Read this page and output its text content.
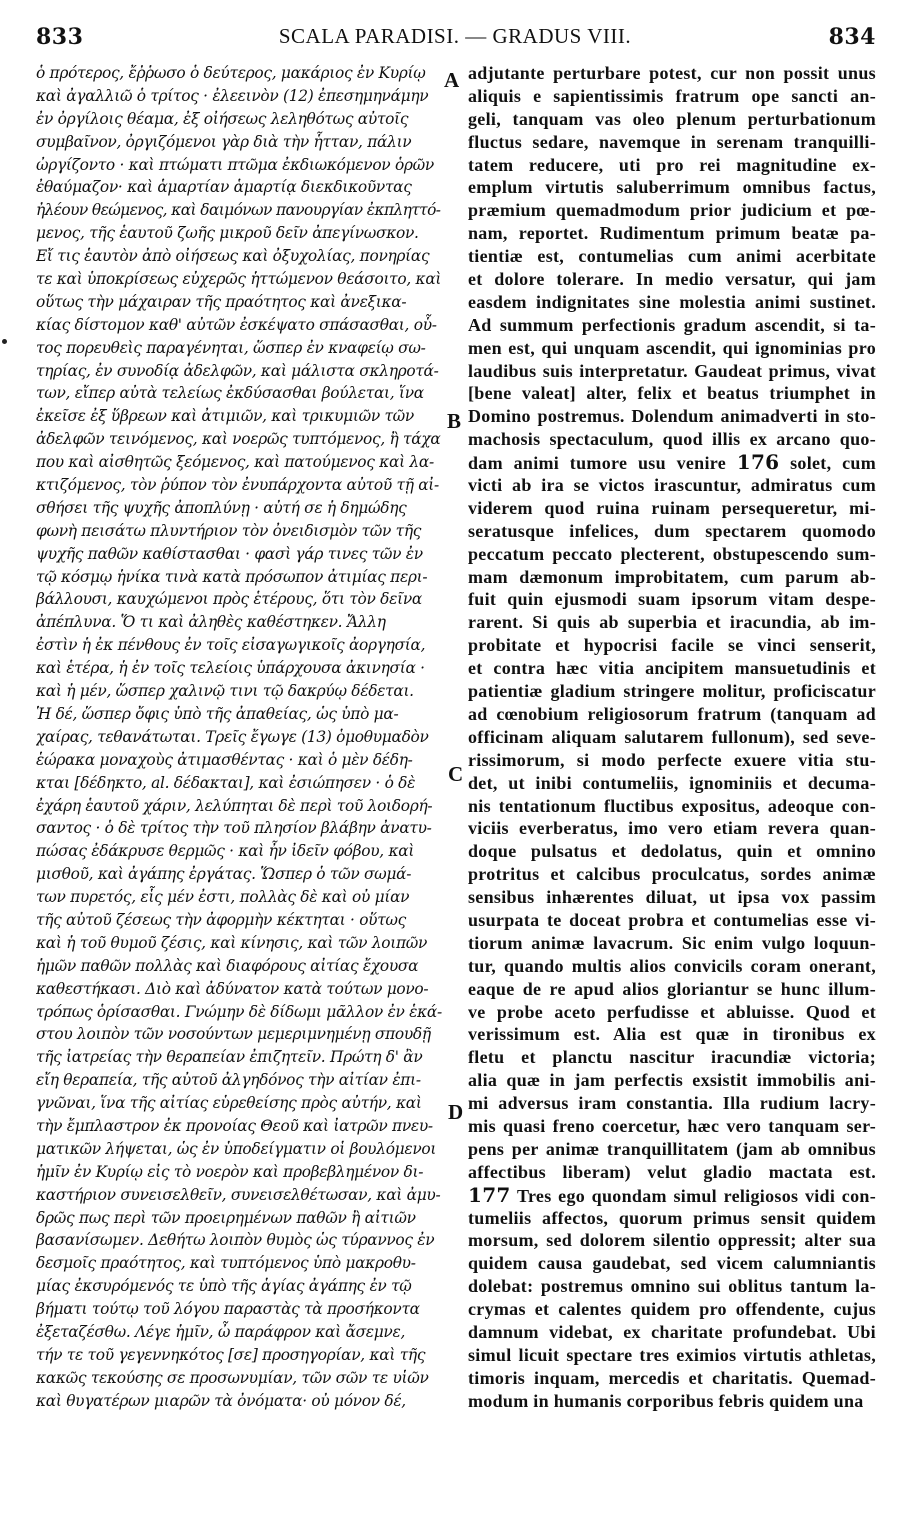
833	SCALA PARADISI. — GRADUS VIII.	834
ὁ πρότερος, ἔῤῥωσο ὁ δεύτερος, μακάριος ἐν Κυρίῳ
καὶ ἀγαλλιῶ ὁ τρίτος · ἐλεεινὸν (12) ἐπεσημηνάμην
ἐν ὀργίλοις θέαμα, ἐξ οἰήσεως λεληθότως αὐτοῖς
συμβαῖνον, ὀργιζόμενοι γὰρ διὰ τὴν ἧτταν, πάλιν
ὠργίζοντο · καὶ πτώματι πτῶμα ἐκδιωκόμενον ὁρῶν
ἐθαύμαζον· καὶ ἁμαρτίαν ἁμαρτίᾳ διεκδικοῦντας
ἠλέουν θεώμενος, καὶ δαιμόνων πανουργίαν ἐκπληττό-
μενος, τῆς ἑαυτοῦ ζωῆς μικροῦ δεῖν ἀπεγίνωσκον.
Εἴ τις ἑαυτὸν ἀπὸ οἰήσεως καὶ ὀξυχολίας, πονηρίας
τε καὶ ὑποκρίσεως εὐχερῶς ἡττώμενον θεάσοιτο, καὶ
οὕτως τὴν μάχαιραν τῆς πραότητος καὶ ἀνεξικα-
κίας δίστομον καθ' αὐτῶν ἐσκέψατο σπάσασθαι, οὗ-
τος πορευθεὶς παραγένηται, ὥσπερ ἐν κναφείῳ σω-
τηρίας, ἐν συνοδίᾳ ἀδελφῶν, καὶ μάλιστα σκληροτά-
των, εἴπερ αὐτὰ τελείως ἐκδύσασθαι βούλεται, ἵνα
ἐκεῖσε ἐξ ὕβρεων καὶ ἀτιμιῶν, καὶ τρικυμιῶν τῶν
ἀδελφῶν τεινόμενος, καὶ νοερῶς τυπτόμενος, ἢ τάχα
που καὶ αἰσθητῶς ξεόμενος, καὶ πατούμενος καὶ λα-
κτιζόμενος, τὸν ῥύπον τὸν ἐνυπάρχοντα αὐτοῦ τῇ αἰ-
σθήσει τῆς ψυχῆς ἀποπλύνῃ · αὐτή σε ἡ δημώδης
φωνὴ πεισάτω πλυντήριον τὸν ὀνειδισμὸν τῶν τῆς
ψυχῆς παθῶν καθίστασθαι · φασὶ γάρ τινες τῶν ἐν
τῷ κόσμῳ ἡνίκα τινὰ κατὰ πρόσωπον ἀτιμίας περι-
βάλλουσι, καυχώμενοι πρὸς ἑτέρους, ὅτι τὸν δεῖνα
ἀπέπλυνα. Ὅ τι καὶ ἀληθὲς καθέστηκεν. Ἄλλη
ἐστὶν ἡ ἐκ πένθους ἐν τοῖς εἰσαγωγικοῖς ἀοργησία,
καὶ ἑτέρα, ἡ ἐν τοῖς τελείοις ὑπάρχουσα ἀκινησία ·
καὶ ἡ μέν, ὥσπερ χαλινῷ τινι τῷ δακρύῳ δέδεται.
Ἡ δέ, ὥσπερ ὄφις ὑπὸ τῆς ἀπαθείας, ὡς ὑπὸ μα-
χαίρας, τεθανάτωται. Τρεῖς ἔγωγε (13) ὁμοθυμαδὸν
ἑώρακα μοναχοὺς ἀτιμασθέντας · καὶ ὁ μὲν δέδη-
κται [δέδηκτο, al. δέδακται], καὶ ἐσιώπησεν · ὁ δὲ
ἐχάρη ἑαυτοῦ χάριν, λελύπηται δὲ περὶ τοῦ λοιδορή-
σαντος · ὁ δὲ τρίτος τὴν τοῦ πλησίον βλάβην ἀνατυ-
πώσας ἐδάκρυσε θερμῶς · καὶ ἦν ἰδεῖν φόβου, καὶ
μισθοῦ, καὶ ἀγάπης ἐργάτας. Ὥσπερ ὁ τῶν σωμά-
των πυρετός, εἷς μέν ἐστι, πολλὰς δὲ καὶ οὐ μίαν
τῆς αὐτοῦ ζέσεως τὴν ἀφορμὴν κέκτηται · οὕτως
καὶ ἡ τοῦ θυμοῦ ζέσις, καὶ κίνησις, καὶ τῶν λοιπῶν
ἡμῶν παθῶν πολλὰς καὶ διαφόρους αἰτίας ἔχουσα
καθεστήκασι. Διὸ καὶ ἀδύνατον κατὰ τούτων μονο-
τρόπως ὁρίσασθαι. Γνώμην δὲ δίδωμι μᾶλλον ἐν ἑκά-
στου λοιπὸν τῶν νοσούντων μεμεριμνημένῃ σπουδῇ
τῆς ἰατρείας τὴν θεραπείαν ἐπιζητεῖν. Πρώτη δ' ἂν
εἴη θεραπεία, τῆς αὐτοῦ ἀλγηδόνος τὴν αἰτίαν ἐπι-
γνῶναι, ἵνα τῆς αἰτίας εὑρεθείσης πρὸς αὐτήν, καὶ
τὴν ἔμπλαστρον ἐκ προνοίας Θεοῦ καὶ ἰατρῶν πνευ-
ματικῶν λήψεται, ὡς ἐν ὑποδείγματιν οἱ βουλόμενοι
ἡμῖν ἐν Κυρίῳ εἰς τὸ νοερὸν καὶ προβεβλημένον δι-
καστήριον συνεισελθεῖν, συνεισελθέτωσαν, καὶ ἀμυ-
δρῶς πως περὶ τῶν προειρημένων παθῶν ἢ αἰτιῶν
βασανίσωμεν. Δεθήτω λοιπὸν θυμὸς ὡς τύραννος ἐν
δεσμοῖς πραότητος, καὶ τυπτόμενος ὑπὸ μακροθυ-
μίας ἐκσυρόμενός τε ὑπὸ τῆς ἁγίας ἀγάπης ἐν τῷ
βήματι τούτῳ τοῦ λόγου παραστὰς τὰ προσήκοντα
ἐξεταζέσθω. Λέγε ἡμῖν, ὦ παράφρον καὶ ἄσεμνε,
τήν τε τοῦ γεγεννηκότος [σε] προσηγορίαν, καὶ τῆς
κακῶς τεκούσης σε προσωνυμίαν, τῶν σῶν τε υἱῶν
καὶ θυγατέρων μιαρῶν τὰ ὀνόματα· οὐ μόνον δέ,
adjutante perturbare potest, cur non possit unus
aliquis e sapientissimis fratrum ope sancti an-
geli, tanquam vas oleo plenum perturbationum
fluctus sedare, navemque in serenam tranquilli-
tatem reducere, uti pro rei magnitudine ex-
emplum virtutis saluberrimum omnibus factus,
præmium quemadmodum prior judicium et pœ-
nam, reportet. Rudimentum primum beatæ pa-
tientiæ est, contumelias cum animi acerbitate
et dolore tolerare. In medio versatur, qui jam
easdem indignitates sine molestia animi sustinet.
Ad summum perfectionis gradum ascendit, si ta-
men est, qui unquam ascendit, qui ignominias pro
laudibus suis interpretatur. Gaudeat primus, vivat
[bene valeat] alter, felix et beatus triumphet in
Domino postremus. Dolendum animadverti in sto-
machosis spectaculum, quod illis ex arcano quo-
dam animi tumore usu venire 176 solet, cum
victi ab ira se victos irascuntur, admiratus cum
viderem quod ruina ruinam persequeretur, mi-
seratusque infelices, dum spectarem quomodo
peccatum peccato plecterent, obstupescendo sum-
mam dæmonum improbitatem, cum parum ab-
fuit quin ejusmodi suam ipsorum vitam despe-
rarent. Si quis ab superbia et iracundia, ab im-
probitate et hypocrisi facile se vinci senserit,
et contra hæc vitia ancipitem mansuetudinis et
patientiæ gladium stringere molitur, proficiscatur
ad cœnobium religiosorum fratrum (tanquam ad
officinam aliquam salutarem fullonum), sed seve-
rissimorum, si modo perfecte exuere vitia stu-
det, ut inibi contumeliis, ignominiis et decuma-
nis tentationum fluctibus expositus, adeoque con-
viciis everberatus, imo vero etiam revera quan-
doque pulsatus et dedolatus, quin et omnino
protritus et calcibus proculcatus, sordes animæ
sensibus inhærentes diluat, ut ipsa vox passim
usurpata te doceat probra et contumelias esse vi-
tiorum animæ lavacrum. Sic enim vulgo loquun-
tur, quando multis alios convicils coram onerant,
eaque de re apud alios gloriantur se hunc illum-
ve probe aceto perfudisse et abluisse. Quod et
verissimum est. Alia est quæ in tironibus ex
fletu et planctu nascitur iracundiæ victoria;
alia quæ in jam perfectis exsistit immobilis ani-
mi adversus iram constantia. Illa rudium lacry-
mis quasi freno coercetur, hæc vero tanquam ser-
pens per animæ tranquillitatem (jam ab omnibus
affectibus liberam) velut gladio mactata est.
177 Tres ego quondam simul religiosos vidi con-
tumeliis affectos, quorum primus sensit quidem
morsum, sed dolorem silentio oppressit; alter sua
quidem causa gaudebat, sed vicem calumniantis
dolebat: postremus omnino sui oblitus tantum la-
crymas et calentes quidem pro offendente, cujus
damnum videbat, ex charitate profundebat. Ubi
simul licuit spectare tres eximios virtutis athletas,
timoris inquam, mercedis et charitatis. Quemad-
modum in humanis corporibus febris quidem una
A
B
C
D
